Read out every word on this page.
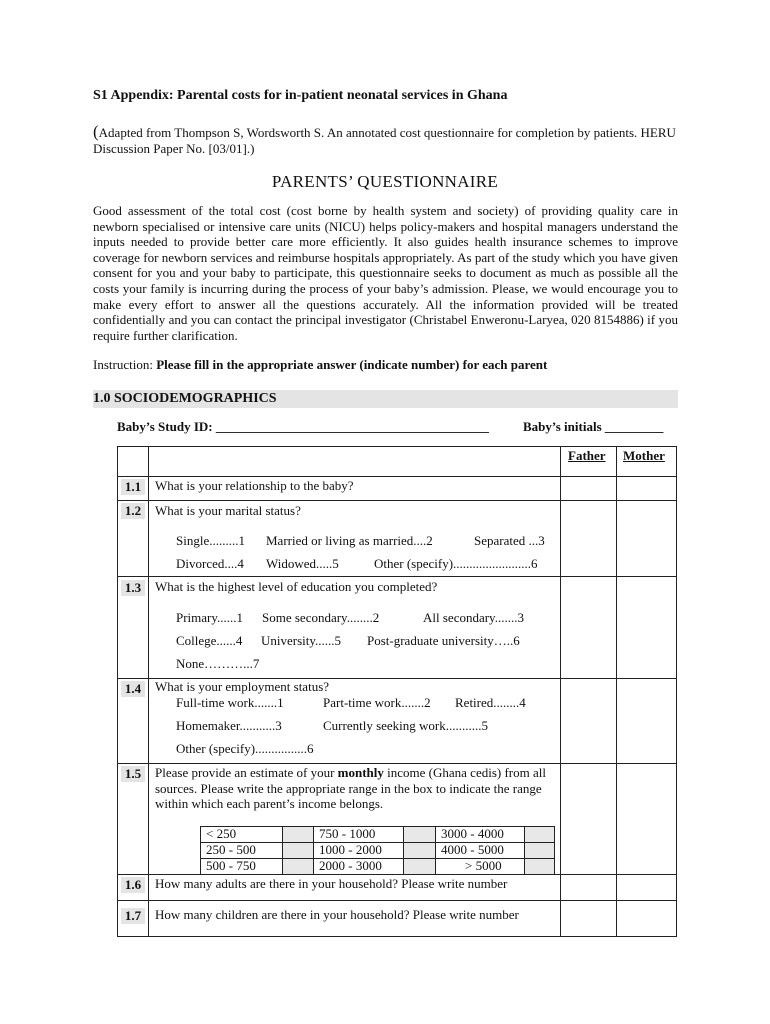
S1 Appendix: Parental costs for in-patient neonatal services in Ghana
(Adapted from Thompson S, Wordsworth S. An annotated cost questionnaire for completion by patients. HERU Discussion Paper No. [03/01].)
PARENTS’ QUESTIONNAIRE
Good assessment of the total cost (cost borne by health system and society) of providing quality care in newborn specialised or intensive care units (NICU) helps policy-makers and hospital managers understand the inputs needed to provide better care more efficiently. It also guides health insurance schemes to improve coverage for newborn services and reimburse hospitals appropriately. As part of the study which you have given consent for you and your baby to participate, this questionnaire seeks to document as much as possible all the costs your family is incurring during the process of your baby’s admission. Please, we would encourage you to make every effort to answer all the questions accurately. All the information provided will be treated confidentially and you can contact the principal investigator (Christabel Enweronu-Laryea, 020 8154886) if you require further clarification.
Instruction: Please fill in the appropriate answer (indicate number) for each parent
1.0 SOCIODEMOGRAPHICS
Baby’s Study ID: __________________________________________	Baby’s initials _________
Father Mother
1.1 What is your relationship to the baby?
1.2 What is your marital status?
Single.........1 Married or living as married....2	Separated ...3
Divorced....4 Widowed.....5	Other (specify)........................6
1.3 What is the highest level of education you completed?
Primary......1 Some secondary........2	All secondary.......3
College......4 University......5 Post-graduate university…..6
None………...7
1.4 What is your employment status?
Full-time work.......1	Part-time work.......2 Retired........4
Homemaker...........3	Currently seeking work...........5
Other (specify)................6
1.5 Please provide an estimate of your monthly income (Ghana cedis) from all sources. Please write the appropriate range in the box to indicate the range within which each parent’s income belongs.
< 250	750 - 1000	3000 - 4000
250 - 500	1000 - 2000	4000 - 5000
500 - 750	2000 - 3000	> 5000
1.6 How many adults are there in your household? Please write number
1.7 How many children are there in your household? Please write number
